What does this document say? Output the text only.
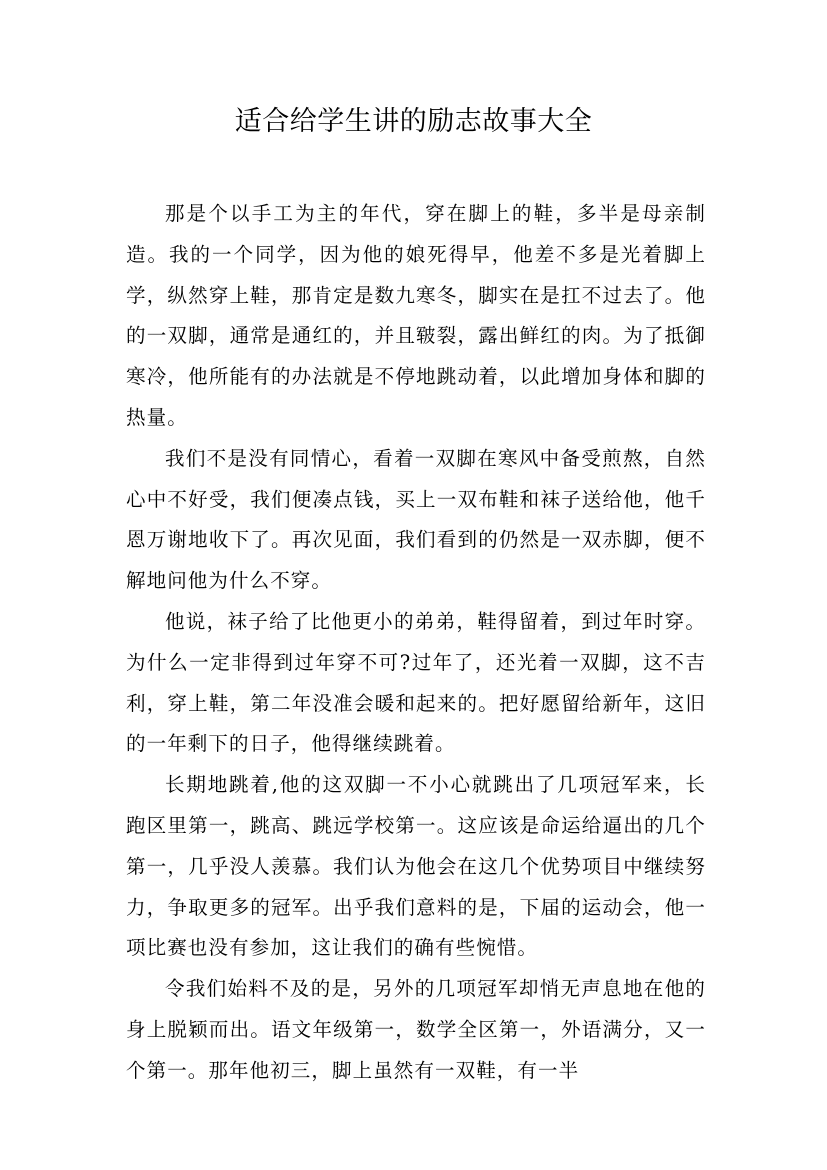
适合给学生讲的励志故事大全

那是个以手工为主的年代，穿在脚上的鞋，多半是母亲制造。我的一个同学，因为他的娘死得早，他差不多是光着脚上学，纵然穿上鞋，那肯定是数九寒冬，脚实在是扛不过去了。他的一双脚，通常是通红的，并且皲裂，露出鲜红的肉。为了抵御寒冷，他所能有的办法就是不停地跳动着，以此增加身体和脚的热量。

我们不是没有同情心，看着一双脚在寒风中备受煎熬，自然心中不好受，我们便凑点钱，买上一双布鞋和袜子送给他，他千恩万谢地收下了。再次见面，我们看到的仍然是一双赤脚，便不解地问他为什么不穿。

他说，袜子给了比他更小的弟弟，鞋得留着，到过年时穿。为什么一定非得到过年穿不可?过年了，还光着一双脚，这不吉利，穿上鞋，第二年没准会暖和起来的。把好愿留给新年，这旧的一年剩下的日子，他得继续跳着。

长期地跳着,他的这双脚一不小心就跳出了几项冠军来，长跑区里第一，跳高、跳远学校第一。这应该是命运给逼出的几个第一，几乎没人羡慕。我们认为他会在这几个优势项目中继续努力，争取更多的冠军。出乎我们意料的是，下届的运动会，他一项比赛也没有参加，这让我们的确有些惋惜。

令我们始料不及的是，另外的几项冠军却悄无声息地在他的身上脱颖而出。语文年级第一，数学全区第一，外语满分，又一个第一。那年他初三，脚上虽然有一双鞋，有一半
